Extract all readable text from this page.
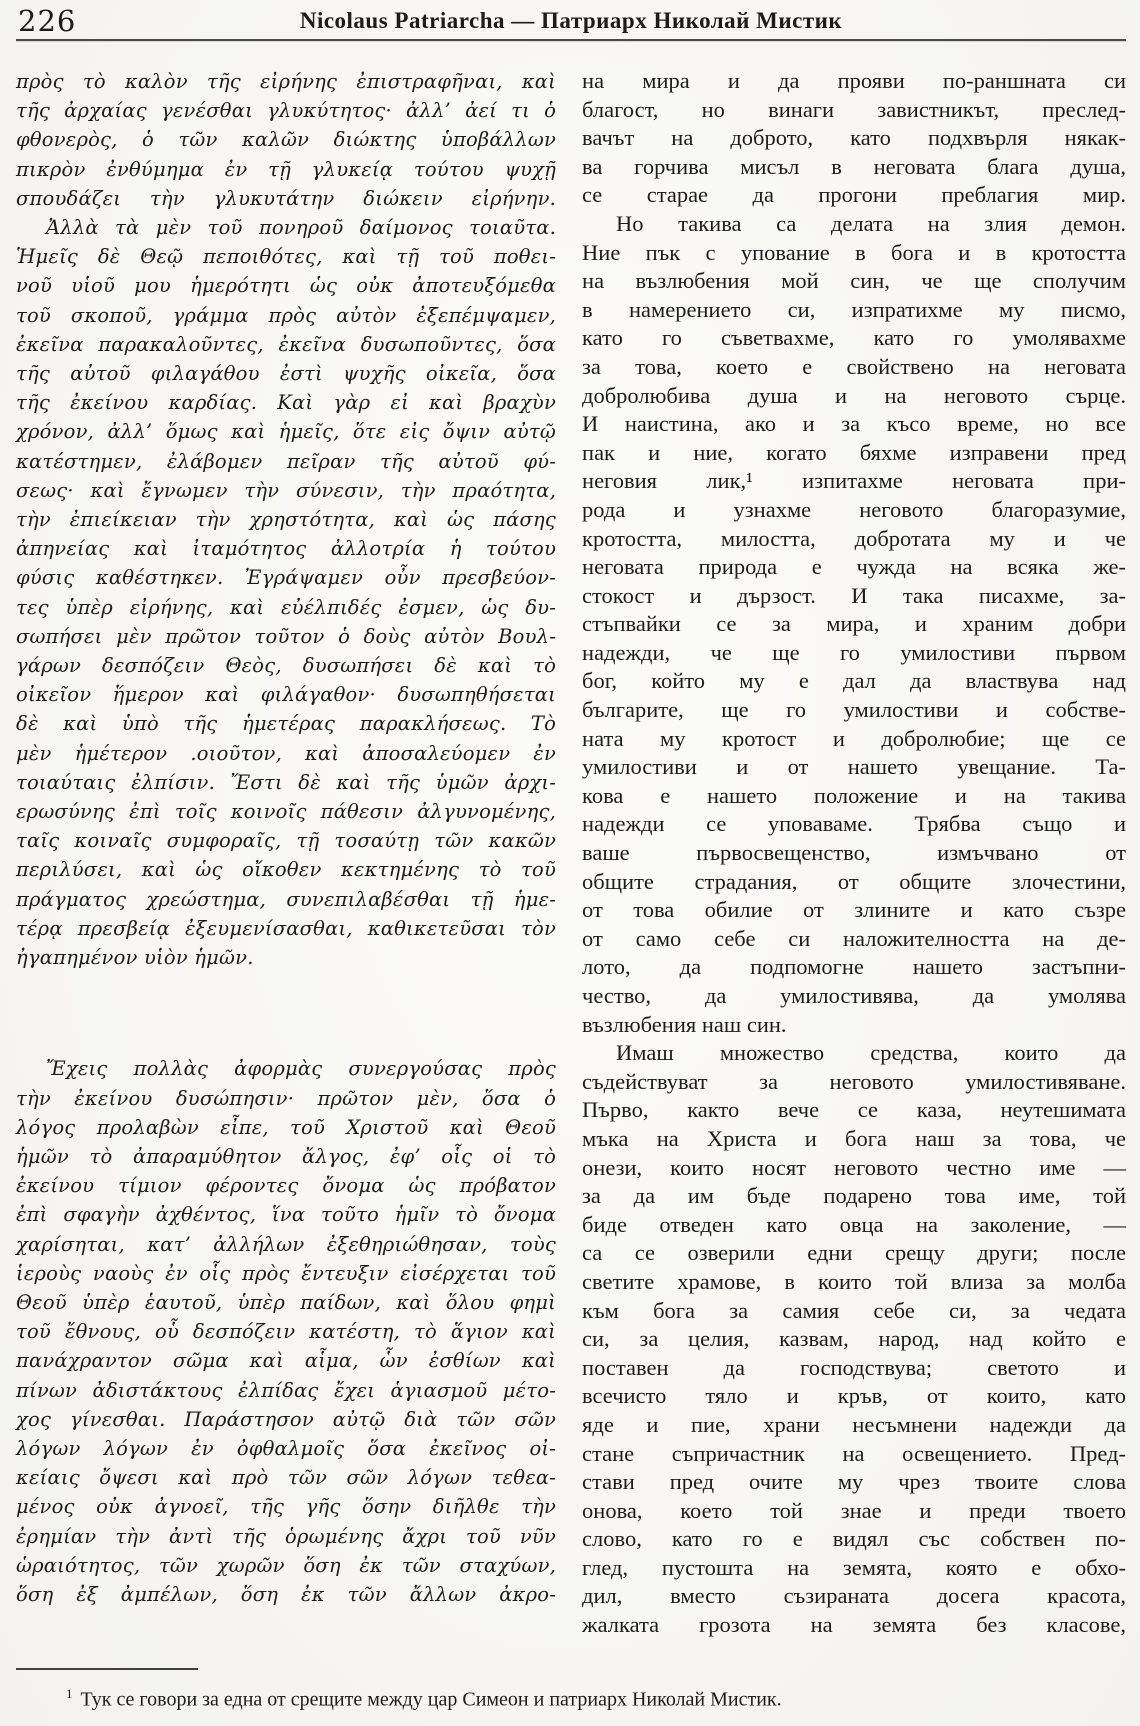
226	Nicolaus Patriarcha — Патриарх Николай Мистик
πρὸς τὸ καλὸν τῆς εἰρήνης ἐπιστραφῆναι, καὶ
τῆς ἀρχαίας γενέσθαι γλυκύτητος· ἀλλ’ ἀεί τι ὁ
φθονερὸς, ὁ τῶν καλῶν διώκτης ὑποβάλλων
πικρὸν ἐνθύμημα ἐν τῇ γλυκείᾳ τούτου ψυχῇ
σπουδάζει τὴν γλυκυτάτην διώκειν εἰρήνην.
Ἀλλὰ τὰ μὲν τοῦ πονηροῦ δαίμονος τοιαῦτα.
Ἡμεῖς δὲ Θεῷ πεποιθότες, καὶ τῇ τοῦ ποθει-
νοῦ υἱοῦ μου ἡμερότητι ὡς οὐκ ἀποτευξόμεθα
τοῦ σκοποῦ, γράμμα πρὸς αὐτὸν ἐξεπέμψαμεν,
ἐκεῖνα παρακαλοῦντες, ἐκεῖνα δυσωποῦντες, ὅσα
τῆς αὐτοῦ φιλαγάθου ἐστὶ ψυχῆς οἰκεῖα, ὅσα
τῆς ἐκείνου καρδίας. Καὶ γὰρ εἰ καὶ βραχὺν
χρόνον, ἀλλ’ ὅμως καὶ ἡμεῖς, ὅτε εἰς ὄψιν αὐτῷ
κατέστημεν, ἐλάβομεν πεῖραν τῆς αὐτοῦ φύ-
σεως· καὶ ἔγνωμεν τὴν σύνεσιν, τὴν πραότητα,
τὴν ἐπιείκειαν τὴν χρηστότητα, καὶ ὡς πάσης
ἀπηνείας καὶ ἰταμότητος ἀλλοτρία ἡ τούτου
φύσις καθέστηκεν. Ἐγράψαμεν οὖν πρεσβεύον-
τες ὑπὲρ εἰρήνης, καὶ εὐέλπιδές ἐσμεν, ὡς δυ-
σωπήσει μὲν πρῶτον τοῦτον ὁ δοὺς αὐτὸν Βουλ-
γάρων δεσπόζειν Θεὸς, δυσωπήσει δὲ καὶ τὸ
οἰκεῖον ἥμερον καὶ φιλάγαθον· δυσωπηθήσεται
δὲ καὶ ὑπὸ τῆς ἡμετέρας παρακλήσεως. Τὸ
μὲν ἡμέτερον .οιοῦτον, καὶ ἀποσαλεύομεν ἐν
τοιαύταις ἐλπίσιν. Ἔστι δὲ καὶ τῆς ὑμῶν ἀρχι-
ερωσύνης ἐπὶ τοῖς κοινοῖς πάθεσιν ἀλγυνομένης,
ταῖς κοιναῖς συμφοραῖς, τῇ τοσαύτῃ τῶν κακῶν
περιλύσει, καὶ ὡς οἴκοθεν κεκτημένης τὸ τοῦ
πράγματος χρεώστημα, συνεπιλαβέσθαι τῇ ἡμε-
τέρᾳ πρεσβείᾳ ἐξευμενίσασθαι, καθικετεῦσαι τὸν
ἠγαπημένον υἱὸν ἡμῶν.
Ἔχεις πολλὰς ἀφορμὰς συνεργούσας πρὸς
τὴν ἐκείνου δυσώπησιν· πρῶτον μὲν, ὅσα ὁ
λόγος προλαβὼν εἶπε, τοῦ Χριστοῦ καὶ Θεοῦ
ἡμῶν τὸ ἀπαραμύθητον ἄλγος, ἐφ’ οἷς οἱ τὸ
ἐκείνου τίμιον φέροντες ὄνομα ὡς πρόβατον
ἐπὶ σφαγὴν ἀχθέντος, ἵνα τοῦτο ἡμῖν τὸ ὄνομα
χαρίσηται, κατ’ ἀλλήλων ἐξεθηριώθησαν, τοὺς
ἱεροὺς ναοὺς ἐν οἷς πρὸς ἔντευξιν εἰσέρχεται τοῦ
Θεοῦ ὑπὲρ ἑαυτοῦ, ὑπὲρ παίδων, καὶ ὅλου φημὶ
τοῦ ἔθνους, οὗ δεσπόζειν κατέστη, τὸ ἅγιον καὶ
πανάχραντον σῶμα καὶ αἷμα, ὧν ἐσθίων καὶ
πίνων ἀδιστάκτους ἐλπίδας ἔχει ἁγιασμοῦ μέτο-
χος γίνεσθαι. Παράστησον αὐτῷ διὰ τῶν σῶν
λόγων λόγων ἐν ὀφθαλμοῖς ὅσα ἐκεῖνος οἰ-
κείαις ὄψεσι καὶ πρὸ τῶν σῶν λόγων τεθεα-
μένος οὐκ ἀγνοεῖ, τῆς γῆς ὅσην διῆλθε τὴν
ἐρημίαν τὴν ἀντὶ τῆς ὁρωμένης ἄχρι τοῦ νῦν
ὡραιότητος, τῶν χωρῶν ὅση ἐκ τῶν σταχύων,
ὅση ἐξ ἀμπέλων, ὅση ἐκ τῶν ἄλλων ἀκρο-
на мира и да прояви по-раншната си
благост, но винаги завистникът, преслед-
вачът на доброто, като подхвърля някак-
ва горчива мисъл в неговата блага душа,
се старае да прогони преблагия мир.
Но такива са делата на злия демон.
Ние пък с упование в бога и в кротостта
на възлюбения мой син, че ще сполучим
в намерението си, изпратихме му писмо,
като го съветвахме, като го умолявахме
за това, което е свойствено на неговата
добролюбива душа и на неговото сърце.
И наистина, ако и за късо време, но все
пак и ние, когато бяхме изправени пред
неговия лик,¹ изпитахме неговата при-
рода и узнахме неговото благоразумие,
кротостта, милостта, добротата му и че
неговата природа е чужда на всяка же-
стокост и дързост. И така писахме, за-
стъпвайки се за мира, и храним добри
надежди, че ще го умилостиви първом
бог, който му е дал да властвува над
българите, ще го умилостиви и собстве-
ната му кротост и добролюбие; ще се
умилостиви и от нашето увещание. Та-
кова е нашето положение и на такива
надежди се уповаваме. Трябва също и
ваше първосвещенство, измъчвано от
общите страдания, от общите злочестини,
от това обилие от злините и като съзре
от само себе си наложителността на де-
лото, да подпомогне нашето застъпни-
чество, да умилостивява, да умолява
възлюбения наш син.
Имаш множество средства, които да
съдействуват за неговото умилостивяване.
Първо, както вече се каза, неутешимата
мъка на Христа и бога наш за това, че
онези, които носят неговото честно име —
за да им бъде подарено това име, той
биде отведен като овца на заколение, —
са се озверили едни срещу други; после
светите храмове, в които той влиза за молба
към бога за самия себе си, за чедата
си, за целия, казвам, народ, над който е
поставен да господствува; светото и
всечисто тяло и кръв, от които, като
яде и пие, храни несъмнени надежди да
стане съпричастник на освещението. Пред-
стави пред очите му чрез твоите слова
онова, което той знае и преди твоето
слово, като го е видял със собствен по-
глед, пустошта на земята, която е обхо-
дил, вместо съзираната досега красота,
жалката грозота на земята без класове,
$^1$ Тук се говори за една от срещите между цар Симеон и патриарх Николай Мистик.
